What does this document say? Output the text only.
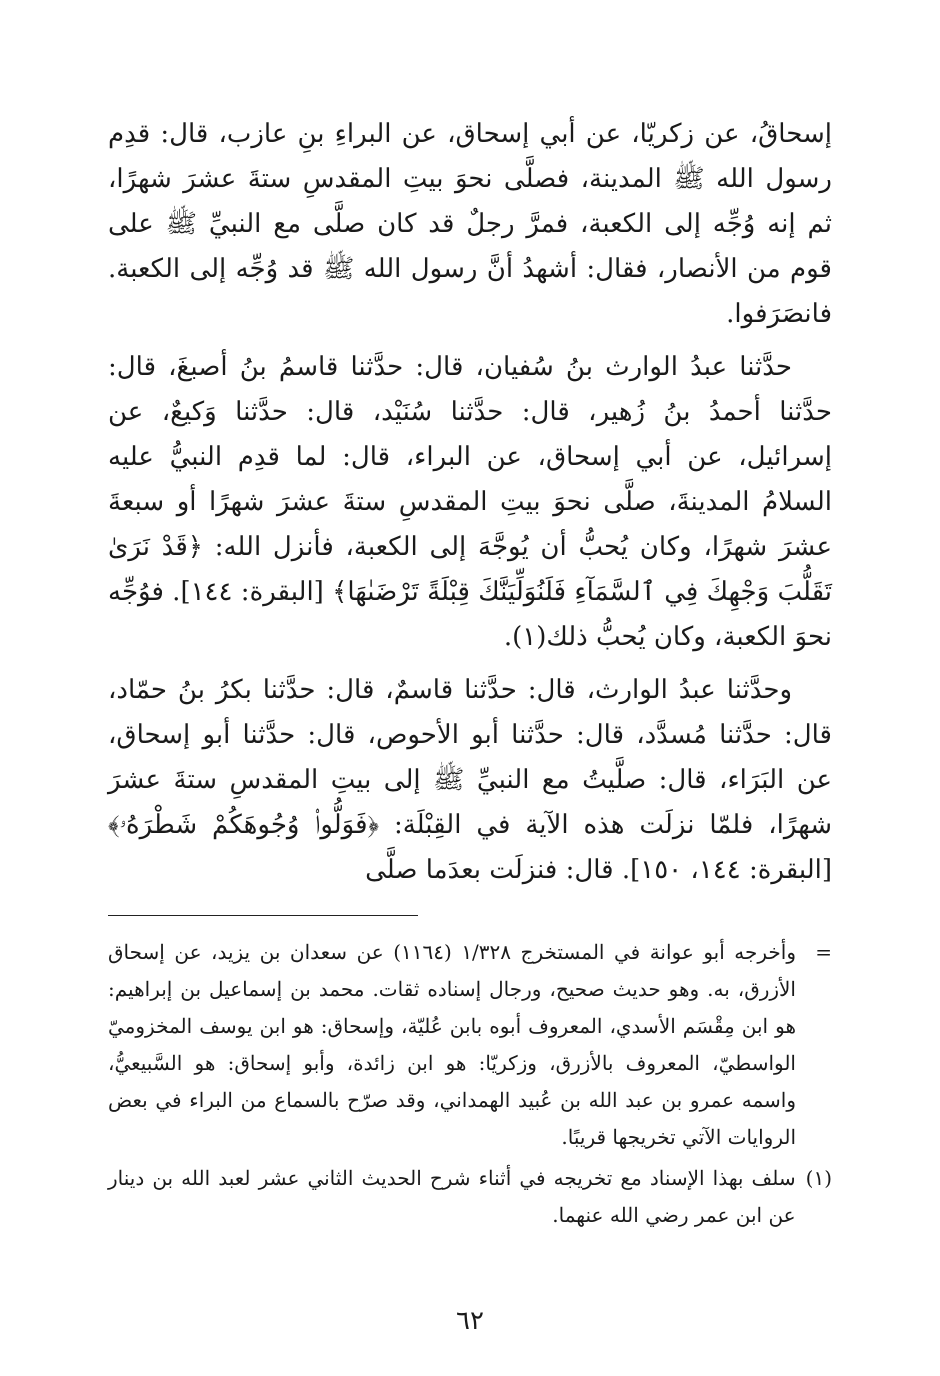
إسحاقُ، عن زكريّا، عن أبي إسحاق، عن البراءِ بنِ عازب، قال: قدِم رسول الله ﷺ المدينة، فصلَّى نحوَ بيتِ المقدسِ ستةَ عشرَ شهرًا، ثم إنه وُجِّه إلى الكعبة، فمرَّ رجلٌ قد كان صلَّى مع النبيِّ ﷺ على قوم من الأنصار، فقال: أشهدُ أنَّ رسول الله ﷺ قد وُجِّه إلى الكعبة. فانصَرَفوا.

حدَّثنا عبدُ الوارث بنُ سُفيان، قال: حدَّثنا قاسمُ بنُ أصبغَ، قال: حدَّثنا أحمدُ بنُ زُهير، قال: حدَّثنا سُنَيْد، قال: حدَّثنا وَكيعٌ، عن إسرائيل، عن أبي إسحاق، عن البراء، قال: لما قدِم النبيُّ عليه السلامُ المدينةَ، صلَّى نحوَ بيتِ المقدسِ ستةَ عشرَ شهرًا أو سبعةَ عشرَ شهرًا، وكان يُحبُّ أن يُوجَّهَ إلى الكعبة، فأنزل الله: ﴿قَدْ نَرَىٰ تَقَلُّبَ وَجْهِكَ فِي ٱلسَّمَآءِ فَلَنُوَلِّيَنَّكَ قِبْلَةً تَرْضَىٰهَا﴾ [البقرة: ١٤٤]. فوُجِّه نحوَ الكعبة، وكان يُحبُّ ذلك(١).

وحدَّثنا عبدُ الوارث، قال: حدَّثنا قاسمٌ، قال: حدَّثنا بكرُ بنُ حمّاد، قال: حدَّثنا مُسدَّد، قال: حدَّثنا أبو الأحوص، قال: حدَّثنا أبو إسحاق، عن البَرَاء، قال: صلَّيتُ مع النبيِّ ﷺ إلى بيتِ المقدسِ ستةَ عشرَ شهرًا، فلمّا نزلَت هذه الآية في القِبْلَة: ﴿فَوَلُّوا۟ وُجُوهَكُمْ شَطْرَهُۥ﴾ [البقرة: ١٤٤، ١٥٠]. قال: فنزلَت بعدَما صلَّى

=
وأخرجه أبو عوانة في المستخرج ١/٣٢٨ (١١٦٤) عن سعدان بن يزيد، عن إسحاق الأزرق، به. وهو حديث صحيح، ورجال إسناده ثقات. محمد بن إسماعيل بن إبراهيم: هو ابن مِقْسَم الأسدي، المعروف أبوه بابن عُليّة، وإسحاق: هو ابن يوسف المخزوميّ الواسطيّ، المعروف بالأزرق، وزكريّا: هو ابن زائدة، وأبو إسحاق: هو السَّبيعيُّ، واسمه عمرو بن عبد الله بن عُبيد الهمداني، وقد صرّح بالسماع من البراء في بعض الروايات الآتي تخريجها قريبًا.
(١)
سلف بهذا الإسناد مع تخريجه في أثناء شرح الحديث الثاني عشر لعبد الله بن دينار عن ابن عمر رضي الله عنهما.
٦٢
